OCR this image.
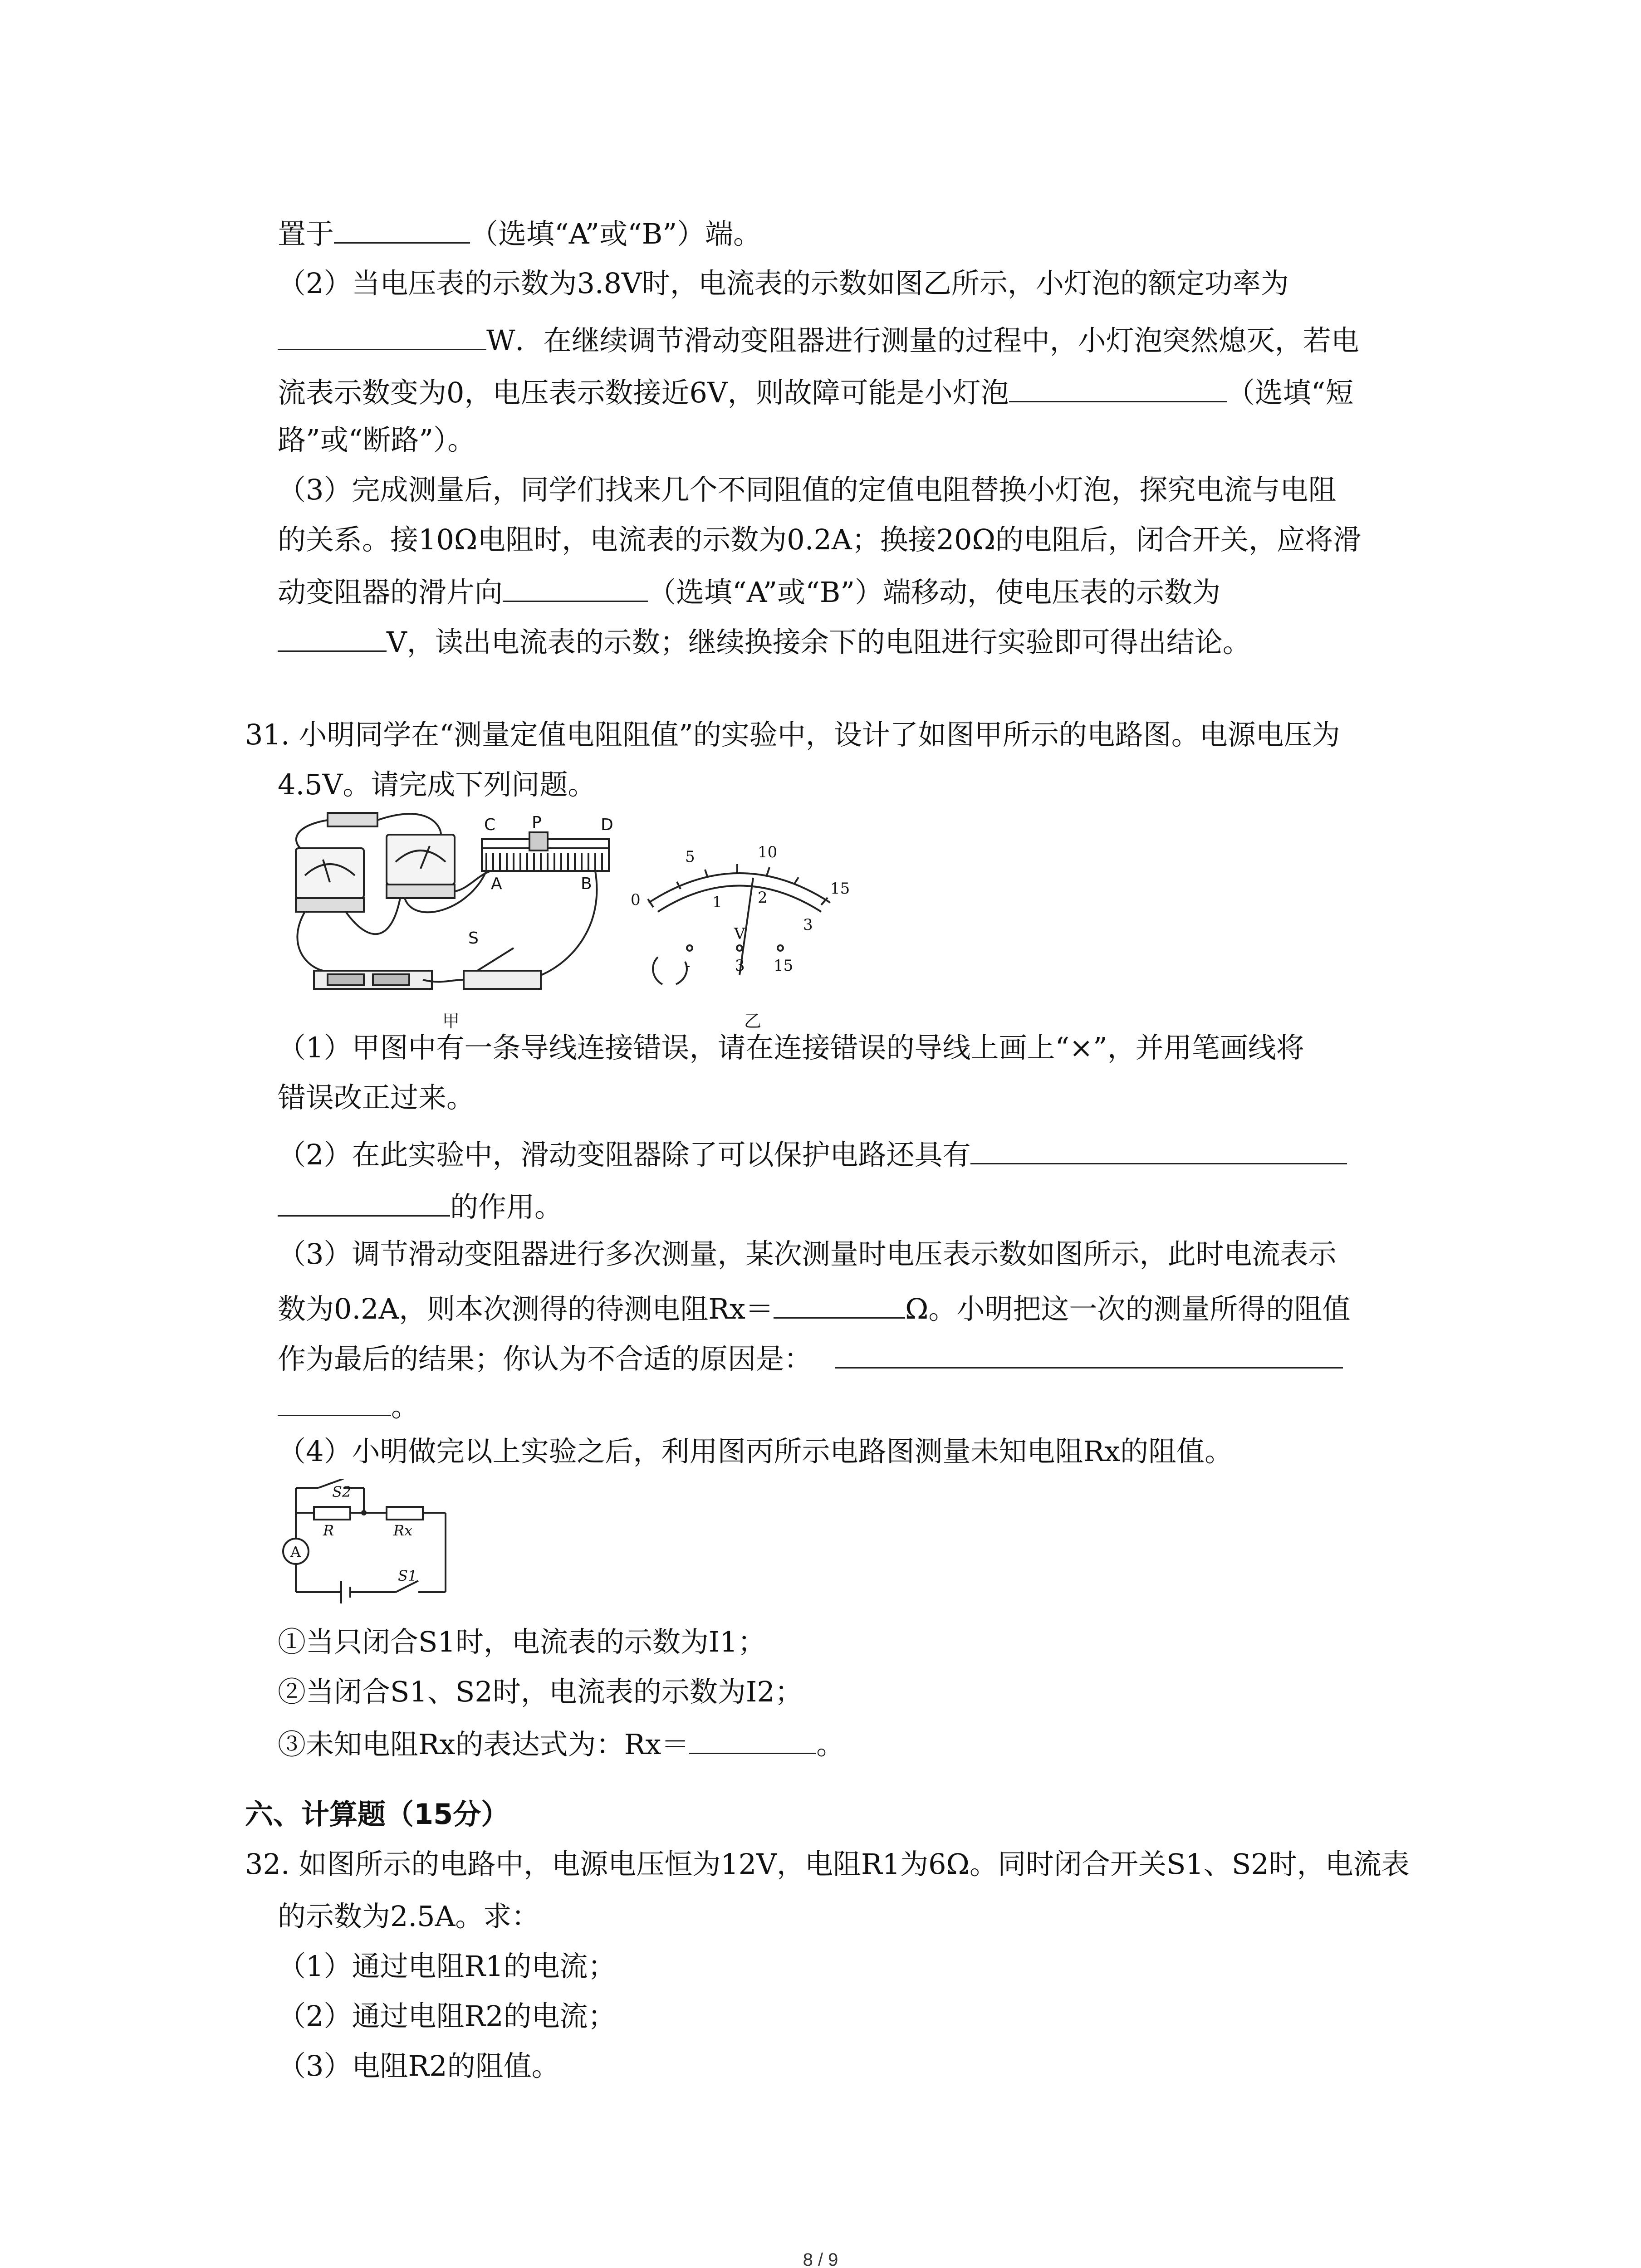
置于	（选填“A”或“B”）端。
（2）当电压表的示数为3.8V时，电流表的示数如图乙所示，小灯泡的额定功率为
W．在继续调节滑动变阻器进行测量的过程中，小灯泡突然熄灭，若电
流表示数变为0，电压表示数接近6V，则故障可能是小灯泡	（选填“短
路”或“断路”）。
（3）完成测量后，同学们找来几个不同阻值的定值电阻替换小灯泡，探究电流与电阻
的关系。接10Ω电阻时，电流表的示数为0.2A；换接20Ω的电阻后，闭合开关，应将滑
动变阻器的滑片向	（选填“A”或“B”）端移动，使电压表的示数为
V，读出电流表的示数；继续换接余下的电阻进行实验即可得出结论。
31. 小明同学在“测量定值电阻阻值”的实验中，设计了如图甲所示的电路图。电源电压为
4.5V。请完成下列问题。
C P	D
A	B
S
甲
0
5	10
15
1 2
3
V
-	3 15
乙
（1）甲图中有一条导线连接错误，请在连接错误的导线上画上“×”，并用笔画线将
错误改正过来。
（2）在此实验中，滑动变阻器除了可以保护电路还具有
的作用。
（3）调节滑动变阻器进行多次测量，某次测量时电压表示数如图所示，此时电流表示
数为0.2A，则本次测得的待测电阻Rx＝	Ω。小明把这一次的测量所得的阻值
作为最后的结果；你认为不合适的原因是：
。
（4）小明做完以上实验之后，利用图丙所示电路图测量未知电阻Rx的阻值。
S2
R	Rx
A
S1
①当只闭合S1时，电流表的示数为I1；
②当闭合S1、S2时，电流表的示数为I2；
③未知电阻Rx的表达式为：Rx＝	。
六、计算题（15分）
32. 如图所示的电路中，电源电压恒为12V，电阻R1为6Ω。同时闭合开关S1、S2时，电流表
的示数为2.5A。求：
（1）通过电阻R1的电流；
（2）通过电阻R2的电流；
（3）电阻R2的阻值。
8 / 9
